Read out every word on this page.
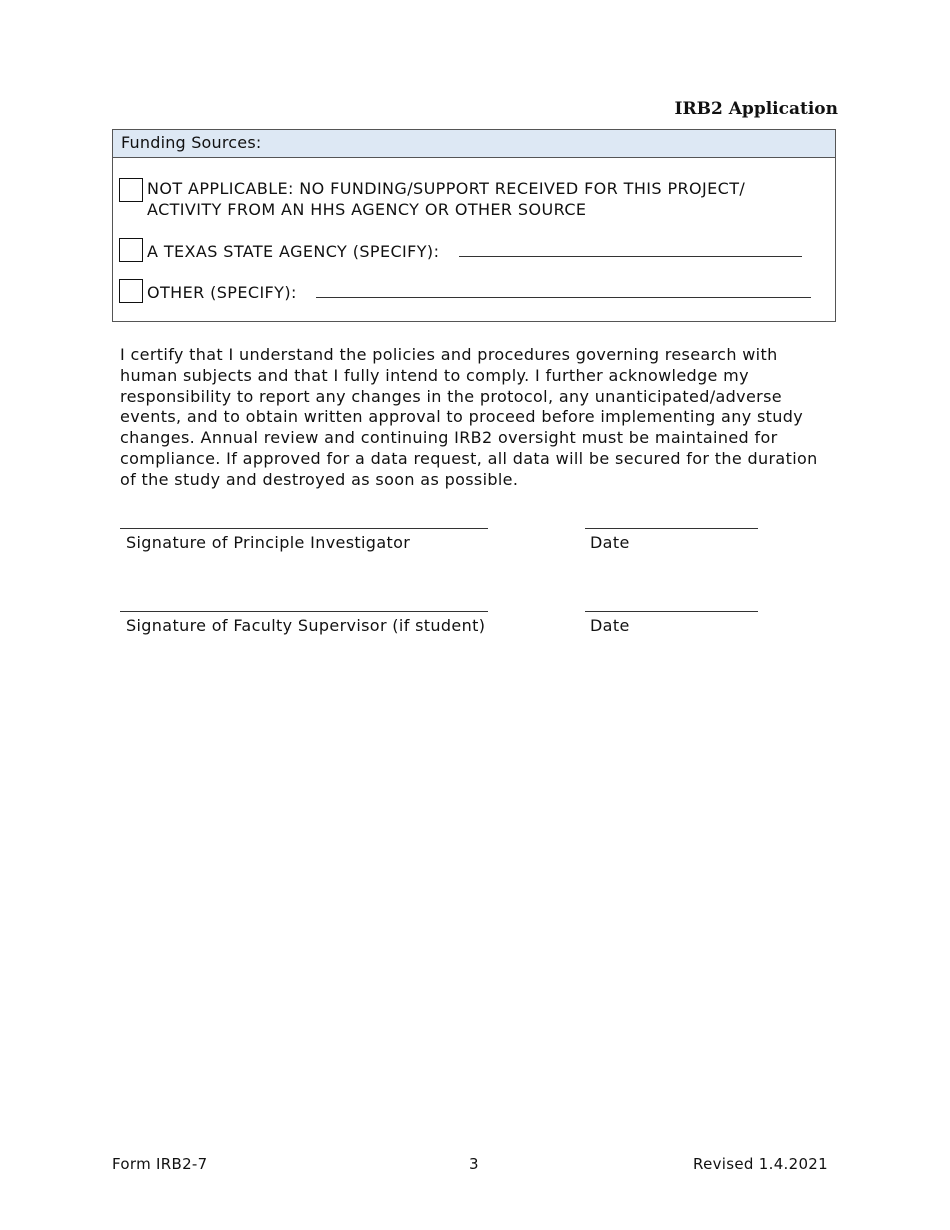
IRB2 Application
Funding Sources:
NOT APPLICABLE: NO FUNDING/SUPPORT RECEIVED FOR THIS PROJECT/
ACTIVITY FROM AN HHS AGENCY OR OTHER SOURCE
A TEXAS STATE AGENCY (SPECIFY):
OTHER (SPECIFY):

I certify that I understand the policies and procedures governing research with human subjects and that I fully intend to comply. I further acknowledge my responsibility to report any changes in the protocol, any unanticipated/adverse events, and to obtain written approval to proceed before implementing any study changes. Annual review and continuing IRB2 oversight must be maintained for compliance. If approved for a data request, all data will be secured for the duration of the study and destroyed as soon as possible.

Signature of Principle Investigator	Date
Signature of Faculty Supervisor (if student)	Date
Form IRB2-7	3	Revised 1.4.2021
